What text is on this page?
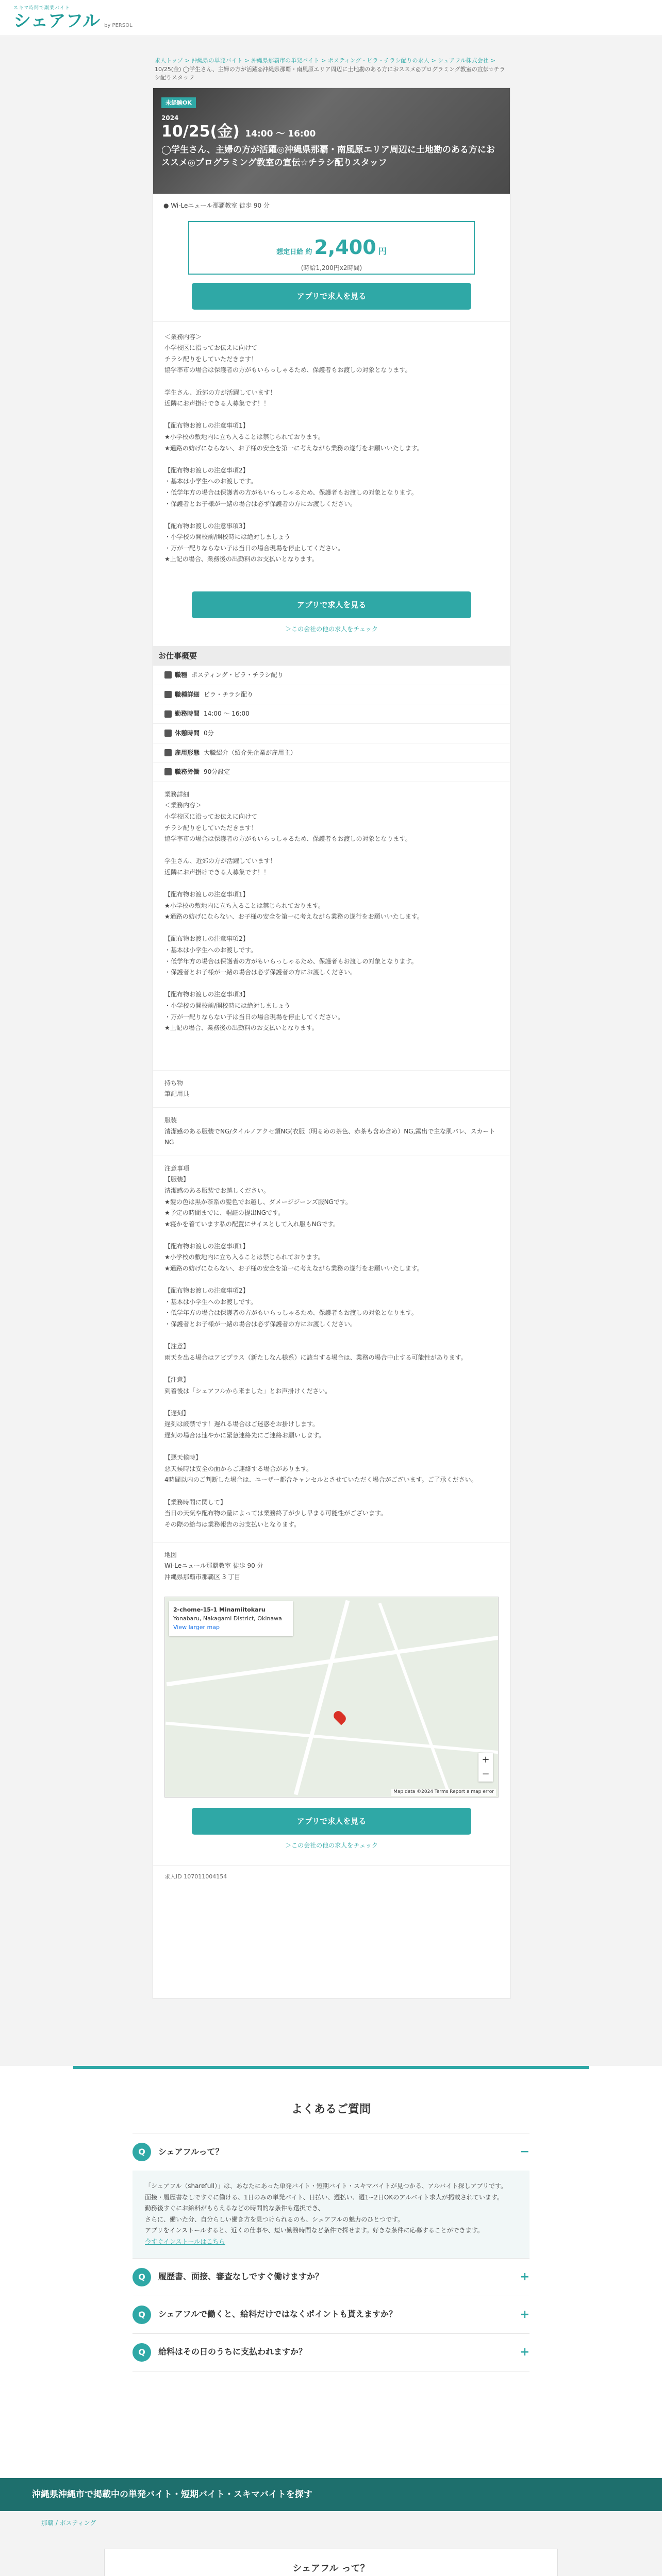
スキマ時間で副業バイト
シェアフル by PERSOL
求人トップ > 沖縄県の単発バイト > 沖縄県那覇市の単発バイト > ポスティング・ビラ・チラシ配りの求人 > シェアフル株式会社 > 10/25(金) ◯学生さん、主婦の方が活躍◎沖縄県那覇・南風原エリア周辺に土地勘のある方におススメ◎プログラミング教室の宣伝☆チラシ配りスタッフ
未経験OK
2024
10/25(金) 14:00 〜 16:00
◯学生さん、主婦の方が活躍◎沖縄県那覇・南風原エリア周辺に土地勘のある方におススメ◎プログラミング教室の宣伝☆チラシ配りスタッフ
● Wi-Leニュール那覇教室 徒歩 90 分
想定日給 約 2,400 円
(時給1,200円x2時間)
アプリで求人を見る
＜業務内容＞
小学校区に沿ってお伝えに向けて
チラシ配りをしていただきます！
協学率市の場合は保護者の方がもいらっしゃるため、保護者もお渡しの対象となります。

学生さん、近郊の方が活躍しています！
近隣にお声掛けできる人募集です！！

【配布物お渡しの注意事項1】
★小学校の敷地内に立ち入ることは禁じられております。
★通路の妨げにならない、お子様の安全を第一に考えながら業務の遂行をお願いいたします。

【配布物お渡しの注意事項2】
・基本は小学生へのお渡しです。
・低学年方の場合は保護者の方がもいらっしゃるため、保護者もお渡しの対象となります。
・保護者とお子様が一緒の場合は必ず保護者の方にお渡しください。

【配布物お渡しの注意事項3】
・小学校の開校前/開校時には絶対しましょう
・万が一配りならない子は当日の場合現場を停止してください。
★上記の場合、業務後の出勤料のお支払いとなります。
アプリで求人を見る
＞この会社の他の求人をチェック
お仕事概要
職種 ポスティング・ビラ・チラシ配り
職種詳細 ビラ・チラシ配り
勤務時間 14:00 〜 16:00
休憩時間 0分
雇用形態 大職紹介（紹介先企業が雇用主）
職務労働 90分設定
業務詳細
＜業務内容＞
小学校区に沿ってお伝えに向けて
チラシ配りをしていただきます！
協学率市の場合は保護者の方がもいらっしゃるため、保護者もお渡しの対象となります。

学生さん、近郊の方が活躍しています！
近隣にお声掛けできる人募集です！！

【配布物お渡しの注意事項1】
★小学校の敷地内に立ち入ることは禁じられております。
★通路の妨げにならない、お子様の安全を第一に考えながら業務の遂行をお願いいたします。

【配布物お渡しの注意事項2】
・基本は小学生へのお渡しです。
・低学年方の場合は保護者の方がもいらっしゃるため、保護者もお渡しの対象となります。
・保護者とお子様が一緒の場合は必ず保護者の方にお渡しください。

【配布物お渡しの注意事項3】
・小学校の開校前/開校時には絶対しましょう
・万が一配りならない子は当日の場合現場を停止してください。
★上記の場合、業務後の出勤料のお支払いとなります。
持ち物
筆記用具
服装
清潔感のある服装でNG/タイルノアクセ類NG(衣服（明るめの茶色、赤茶も含め含め）NG,露出で主な肌バレ、スカートNG
注意事項
【服装】
清潔感のある服装でお越しください。
★髪の色は黒か茶系の髪色でお越し、ダメージジーンズ服NGです。
★予定の時間までに、帽証の提出NGです。
★寝かを着ています私の配置にサイスとして入れ服もNGです。

【配布物お渡しの注意事項1】
★小学校の敷地内に立ち入ることは禁じられております。
★通路の妨げにならない、お子様の安全を第一に考えながら業務の遂行をお願いいたします。

【配布物お渡しの注意事項2】
・基本は小学生へのお渡しです。
・低学年方の場合は保護者の方がもいらっしゃるため、保護者もお渡しの対象となります。
・保護者とお子様が一緒の場合は必ず保護者の方にお渡しください。

【注意】
雨天を出る場合はアビプラス（新たしなん様系）に該当する場合は、業務の場合中止する可能性があります。

【注意】
到着後は「シェアフルから来ました」とお声掛けください。

【遅刻】
遅刻は厳禁です！遅れる場合はご迷惑をお掛けします。
遅刻の場合は速やかに緊急連絡先にご連絡お願いします。

【悪天候時】
悪天候時は安全の面からご連絡する場合があります。
4時間以内のご判断した場合は、ユーザー都合キャンセルとさせていただく場合がございます。ご了承ください。

【業務時間に関して】
当日の天気や配布物の量によっては業務終了が少し早まる可能性がございます。
その際の給与は業務報告のお支払いとなります。

地図
Wi-Leニュール那覇教室 徒歩 90 分
沖縄県那覇市那覇区 3 丁目
2-chome-15-1 Minamiitokaru
Yonabaru, Nakagami District, Okinawa
View larger map
+
−
Map data ©2024 Terms Report a map error
アプリで求人を見る
＞この会社の他の求人をチェック
求人ID 107011004154
よくあるご質問
Q	シェアフルって？	−
「シェアフル（sharefull）」は、あなたにあった単発バイト・短期バイト・スキマバイトが見つかる、アルバイト探しアプリです。
面接・履歴書なしですぐに働ける、1日のみの単発バイト、日払い、週払い、週1~2日OKのアルバイト求人が掲載されています。
勤務後すぐにお給料がもらえるなどの時間的な条件も選択でき、
さらに、働いた分、自分らしい働き方を見つけられるのも、シェアフルの魅力のひとつです。
アプリをインストールすると、近くの仕事や、短い勤務時間など条件で探せます。好きな条件に応募することができます。
今すぐインストールはこちら
Q	履歴書、面接、審査なしですぐ働けますか？	+
Q	シェアフルで働くと、給料だけではなくポイントも貰えますか？	+
Q	給料はその日のうちに支払われますか？	+
沖縄県沖縄市で掲載中の単発バイト・短期バイト・スキマバイトを探す
那覇 / ポスティング
シェアフル って？
